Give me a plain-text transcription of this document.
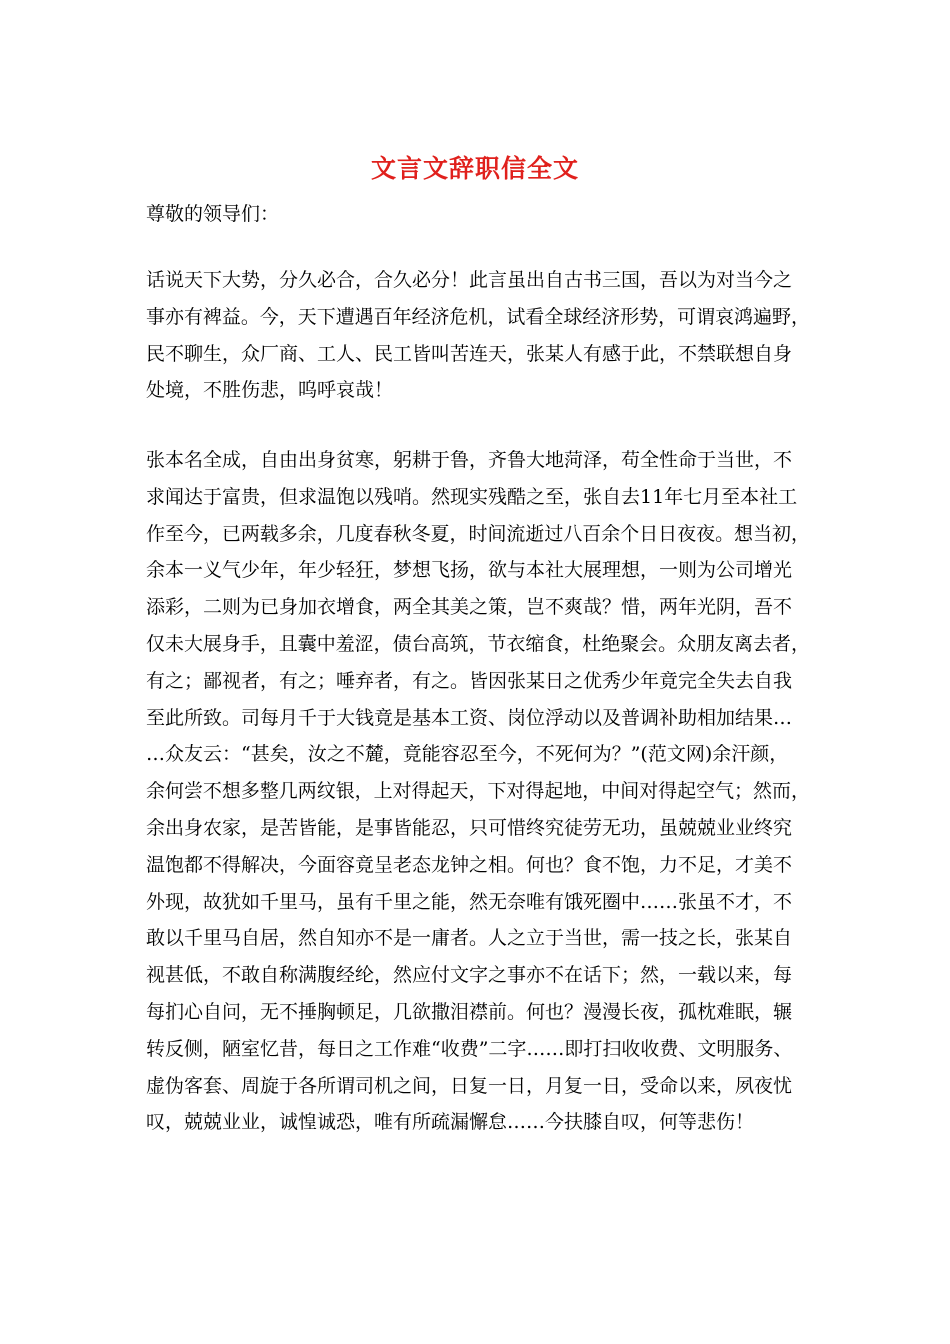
文言文辞职信全文
尊敬的领导们：
话说天下大势，分久必合，合久必分！此言虽出自古书三国，吾以为对当今之
事亦有裨益。今，天下遭遇百年经济危机，试看全球经济形势，可谓哀鸿遍野，
民不聊生，众厂商、工人、民工皆叫苦连天，张某人有感于此，不禁联想自身
处境，不胜伤悲，呜呼哀哉！
张本名全成，自由出身贫寒，躬耕于鲁，齐鲁大地菏泽，苟全性命于当世，不
求闻达于富贵，但求温饱以残哨。然现实残酷之至，张自去11年七月至本社工
作至今，已两载多余，几度春秋冬夏，时间流逝过八百余个日日夜夜。想当初，
余本一义气少年，年少轻狂，梦想飞扬，欲与本社大展理想，一则为公司增光
添彩，二则为已身加衣增食，两全其美之策，岂不爽哉？惜，两年光阴，吾不
仅未大展身手，且囊中羞涩，债台高筑，节衣缩食，杜绝聚会。众朋友离去者，
有之；鄙视者，有之；唾弃者，有之。皆因张某日之优秀少年竟完全失去自我
至此所致。司每月千于大钱竟是基本工资、岗位浮动以及普调补助相加结果…
…众友云：“甚矣，汝之不麓，竟能容忍至今，不死何为？”(范文网)余汗颜，
余何尝不想多整几两纹银，上对得起天，下对得起地，中间对得起空气；然而，
余出身农家，是苦皆能，是事皆能忍，只可惜终究徒劳无功，虽兢兢业业终究
温饱都不得解决，今面容竟呈老态龙钟之相。何也？食不饱，力不足，才美不
外现，故犹如千里马，虽有千里之能，然无奈唯有饿死圈中……张虽不才，不
敢以千里马自居，然自知亦不是一庸者。人之立于当世，需一技之长，张某自
视甚低，不敢自称满腹经纶，然应付文字之事亦不在话下；然，一载以来，每
每扪心自问，无不捶胸顿足，几欲撒泪襟前。何也？漫漫长夜，孤枕难眠，辗
转反侧，陋室忆昔，每日之工作难“收费”二字……即打扫收收费、文明服务、
虚伪客套、周旋于各所谓司机之间，日复一日，月复一日，受命以来，夙夜忧
叹，兢兢业业，诚惶诚恐，唯有所疏漏懈怠……今扶膝自叹，何等悲伤！
